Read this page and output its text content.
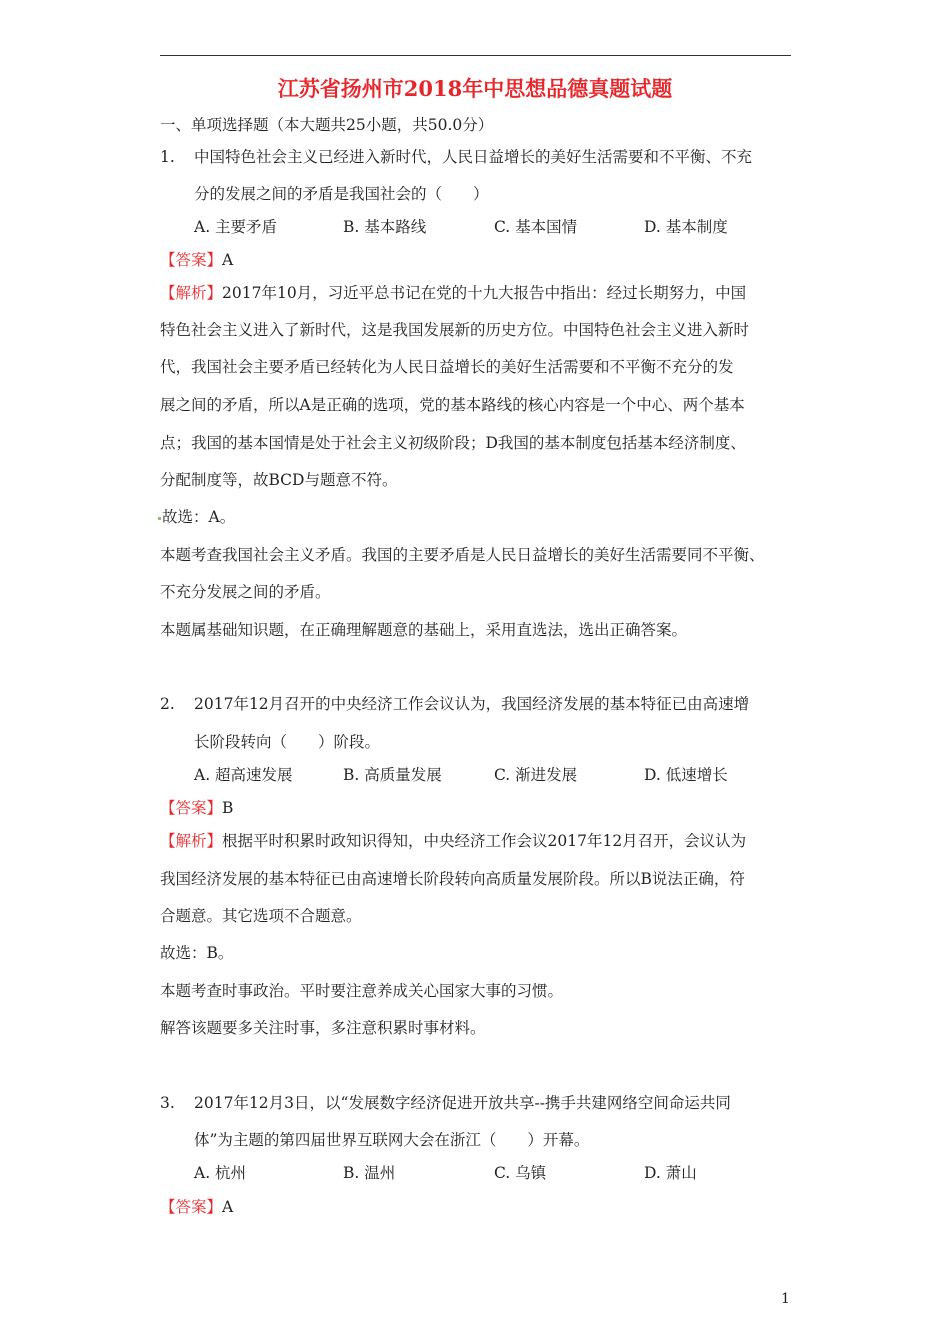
江苏省扬州市2018年中思想品德真题试题
一、单项选择题（本大题共25小题，共50.0分）
1. 中国特色社会主义已经进入新时代，人民日益增长的美好生活需要和不平衡、不充
分的发展之间的矛盾是我国社会的（　　）
A. 主要矛盾	B. 基本路线	C. 基本国情	D. 基本制度
【答案】A
【解析】2017年10月，习近平总书记在党的十九大报告中指出：经过长期努力，中国
特色社会主义进入了新时代，这是我国发展新的历史方位。中国特色社会主义进入新时
代，我国社会主要矛盾已经转化为人民日益增长的美好生活需要和不平衡不充分的发
展之间的矛盾，所以A是正确的选项，党的基本路线的核心内容是一个中心、两个基本
点；我国的基本国情是处于社会主义初级阶段；D我国的基本制度包括基本经济制度、
分配制度等，故BCD与题意不符。
故选：A。
本题考查我国社会主义矛盾。我国的主要矛盾是人民日益增长的美好生活需要同不平衡、
不充分发展之间的矛盾。
本题属基础知识题，在正确理解题意的基础上，采用直选法，选出正确答案。
2. 2017年12月召开的中央经济工作会议认为，我国经济发展的基本特征已由高速增
长阶段转向（　　）阶段。
A. 超高速发展	B. 高质量发展	C. 渐进发展	D. 低速增长
【答案】B
【解析】根据平时积累时政知识得知，中央经济工作会议2017年12月召开，会议认为
我国经济发展的基本特征已由高速增长阶段转向高质量发展阶段。所以B说法正确，符
合题意。其它选项不合题意。
故选：B。
本题考查时事政治。平时要注意养成关心国家大事的习惯。
解答该题要多关注时事，多注意积累时事材料。
3. 2017年12月3日，以“发展数字经济促进开放共享--携手共建网络空间命运共同
体”为主题的第四届世界互联网大会在浙江（　　）开幕。
A. 杭州	B. 温州	C. 乌镇	D. 萧山
【答案】A
1
